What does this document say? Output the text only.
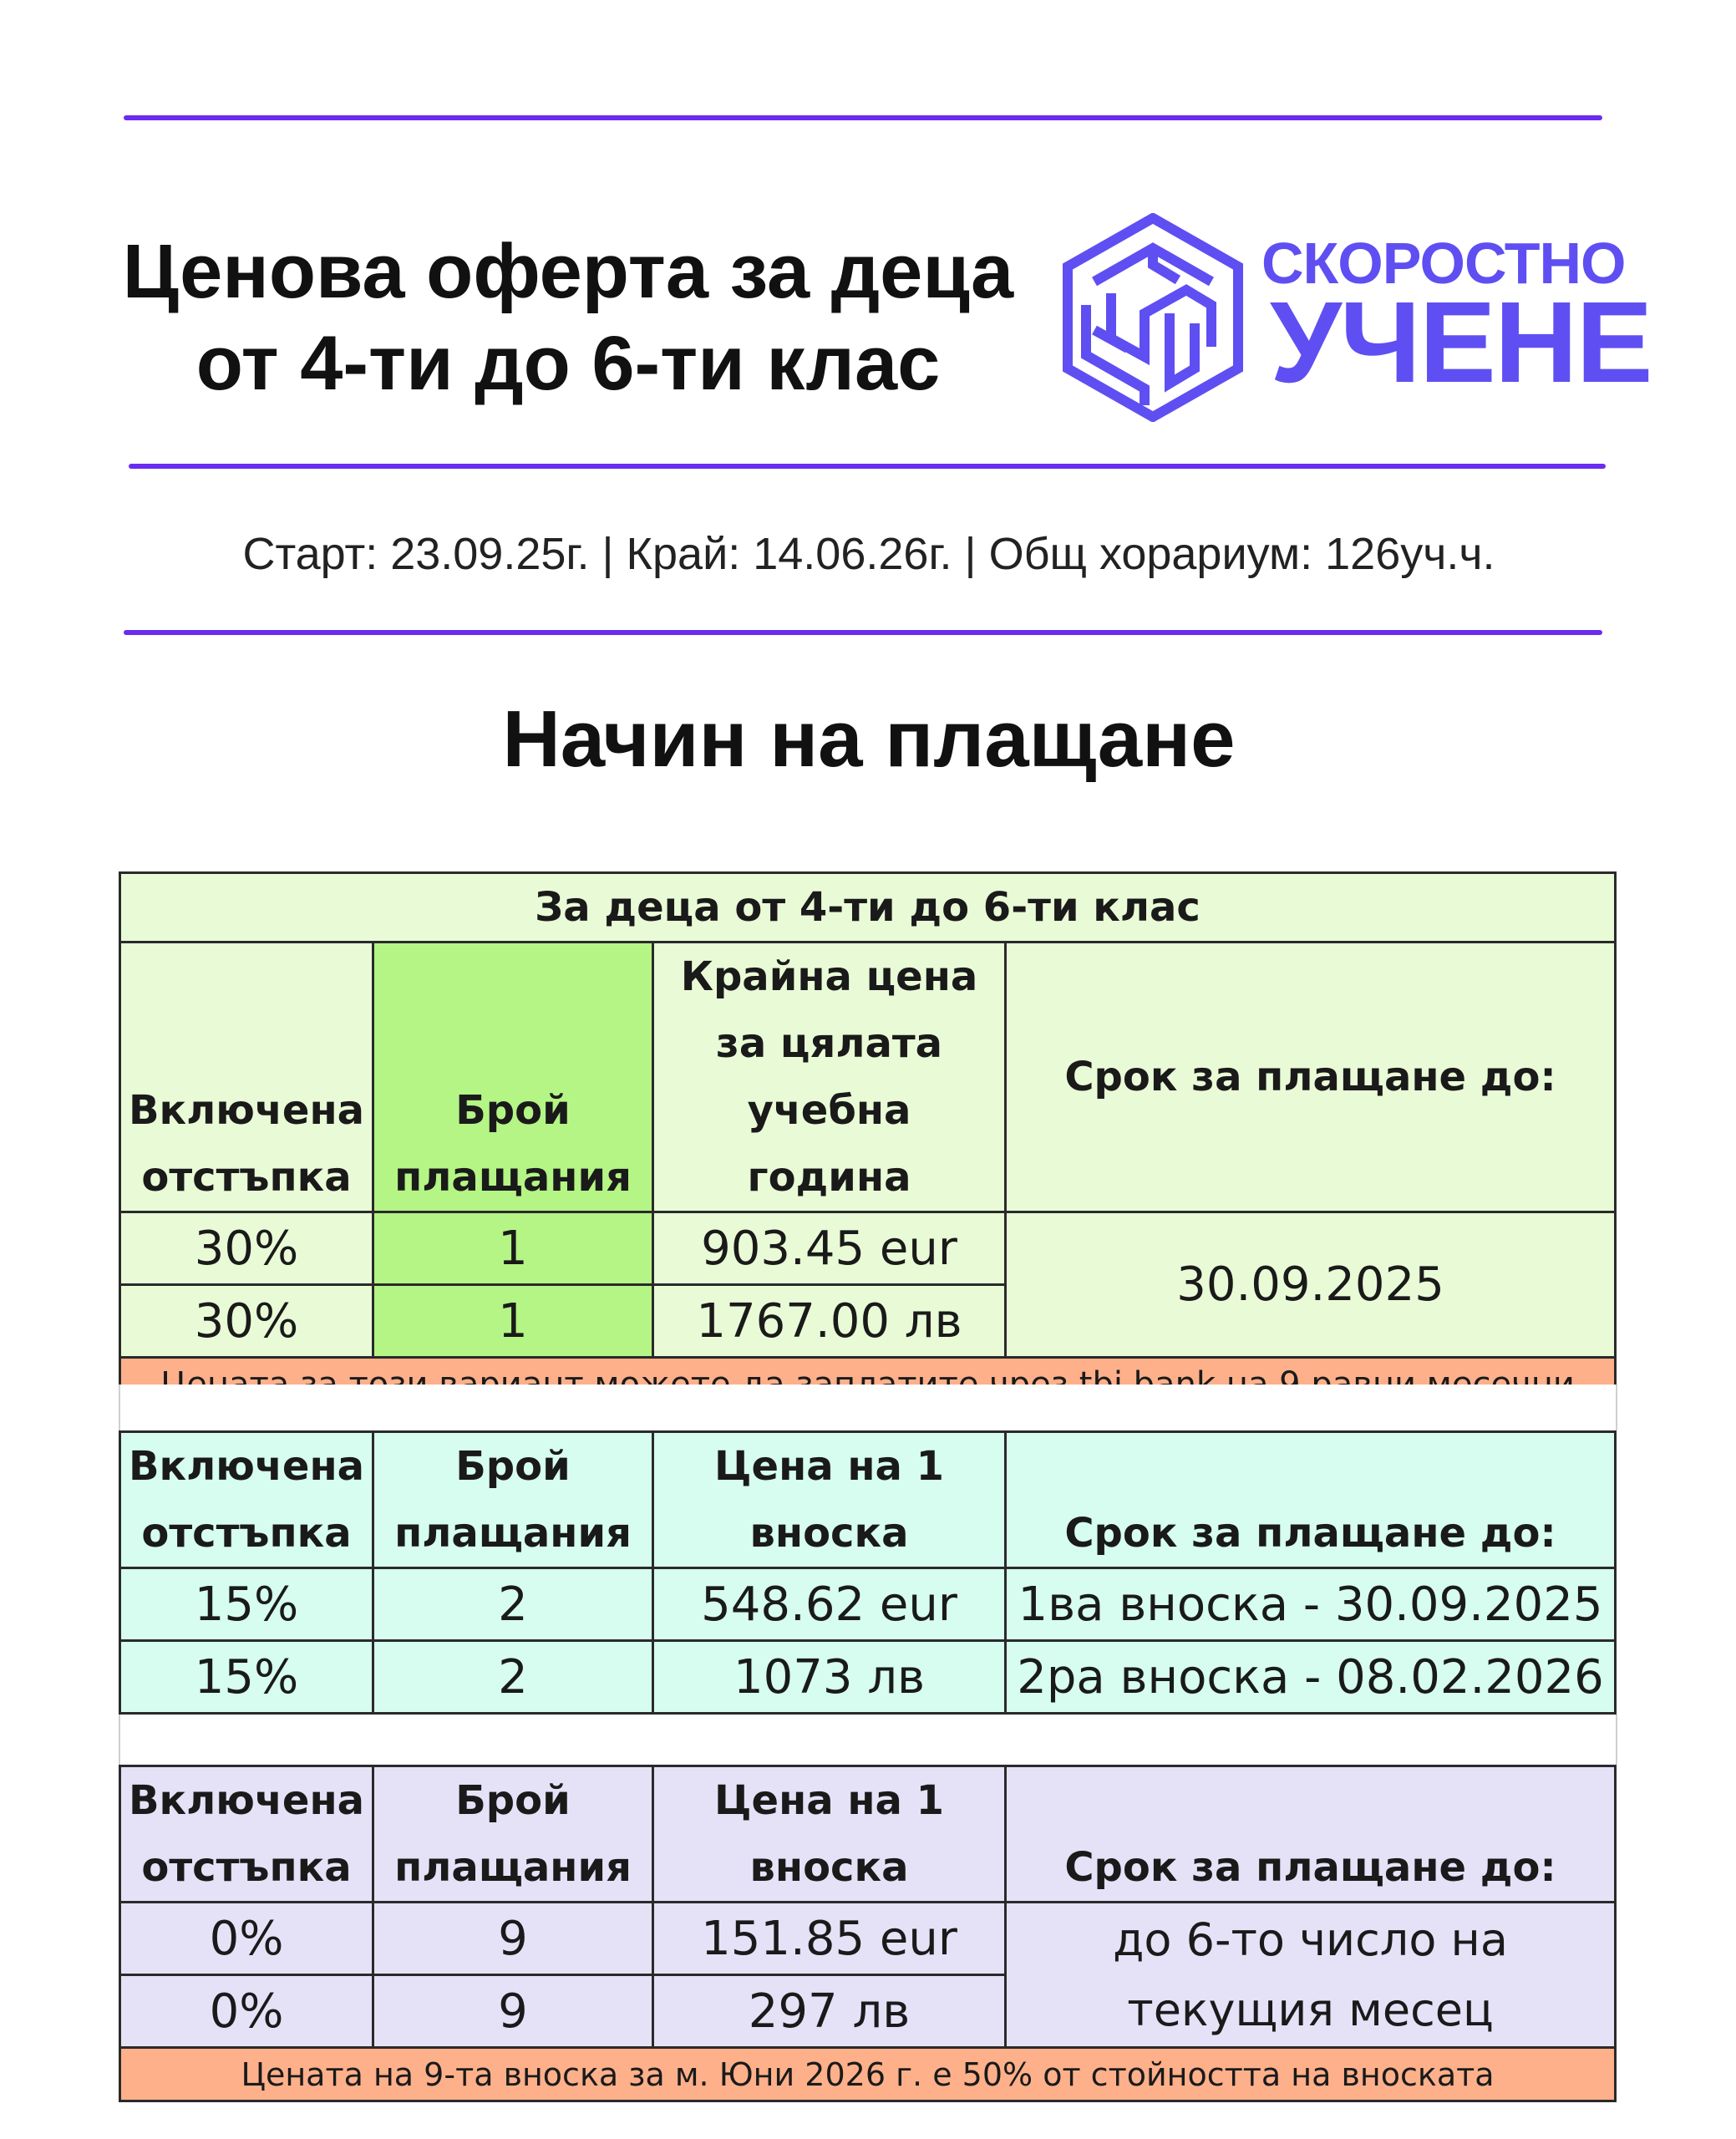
Ценова оферта за деца
от 4-ти до 6-ти клас
СКОРОСТНО
УЧЕНЕ
Старт: 23.09.25г. | Край: 14.06.26г. | Общ хорариум: 126уч.ч.
Начин на плащане
За деца от 4-ти до 6-ти клас			
Включена отстъпка	Брой плащания	Крайна цена за цялата учебна година	Срок за плащане до:
30%	1	903.45 eur	30.09.2025
30%	1	1767.00 лв	

Включена отстъпка	Брой плащания	Цена на 1 вноска	Срок за плащане до:
15%	2	548.62 eur	1ва вноска - 30.09.2025
15%	2	1073 лв	2ра вноска - 08.02.2026
Включена отстъпка	Брой плащания	Цена на 1 вноска	Срок за плащане до:
0%	9	151.85 eur	до 6-то число на текущия месец
0%	9	297 лв	
Цената на 9-та вноска за м. Юни 2026 г. е 50% от стойността на вноската			
